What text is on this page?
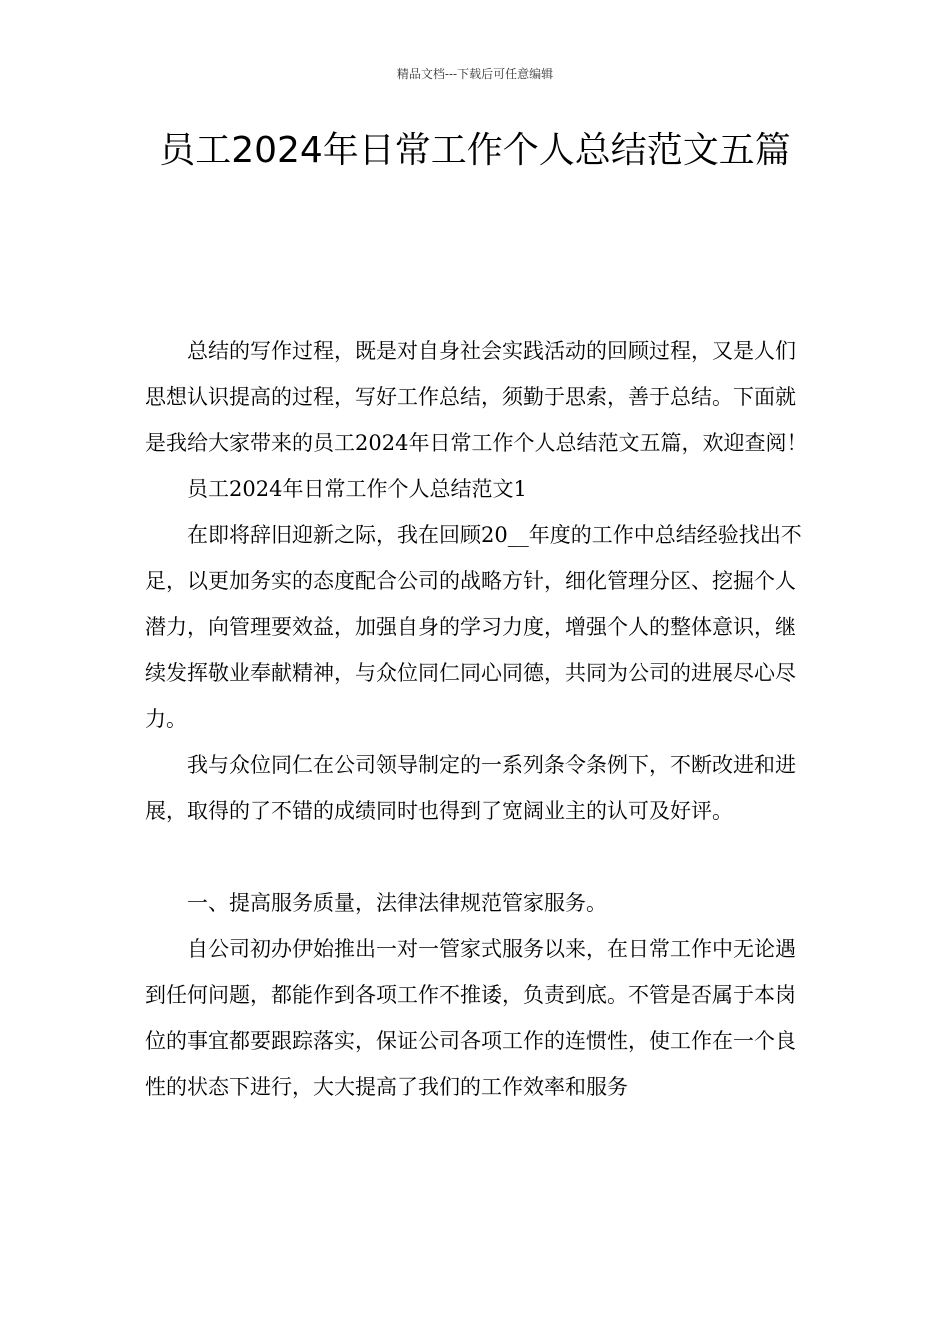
精品文档---下载后可任意编辑
员工2024年日常工作个人总结范文五篇

总结的写作过程，既是对自身社会实践活动的回顾过程，又是人们思想认识提高的过程，写好工作总结，须勤于思索，善于总结。下面就是我给大家带来的员工2024年日常工作个人总结范文五篇，欢迎查阅！

员工2024年日常工作个人总结范文1

在即将辞旧迎新之际，我在回顾20__年度的工作中总结经验找出不足，以更加务实的态度配合公司的战略方针，细化管理分区、挖掘个人潜力，向管理要效益，加强自身的学习力度，增强个人的整体意识，继续发挥敬业奉献精神，与众位同仁同心同德，共同为公司的进展尽心尽力。

我与众位同仁在公司领导制定的一系列条令条例下，不断改进和进展，取得的了不错的成绩同时也得到了宽阔业主的认可及好评。

一、提高服务质量，法律法律规范管家服务。

自公司初办伊始推出一对一管家式服务以来，在日常工作中无论遇到任何问题，都能作到各项工作不推诿，负责到底。不管是否属于本岗位的事宜都要跟踪落实，保证公司各项工作的连惯性，使工作在一个良性的状态下进行，大大提高了我们的工作效率和服务
